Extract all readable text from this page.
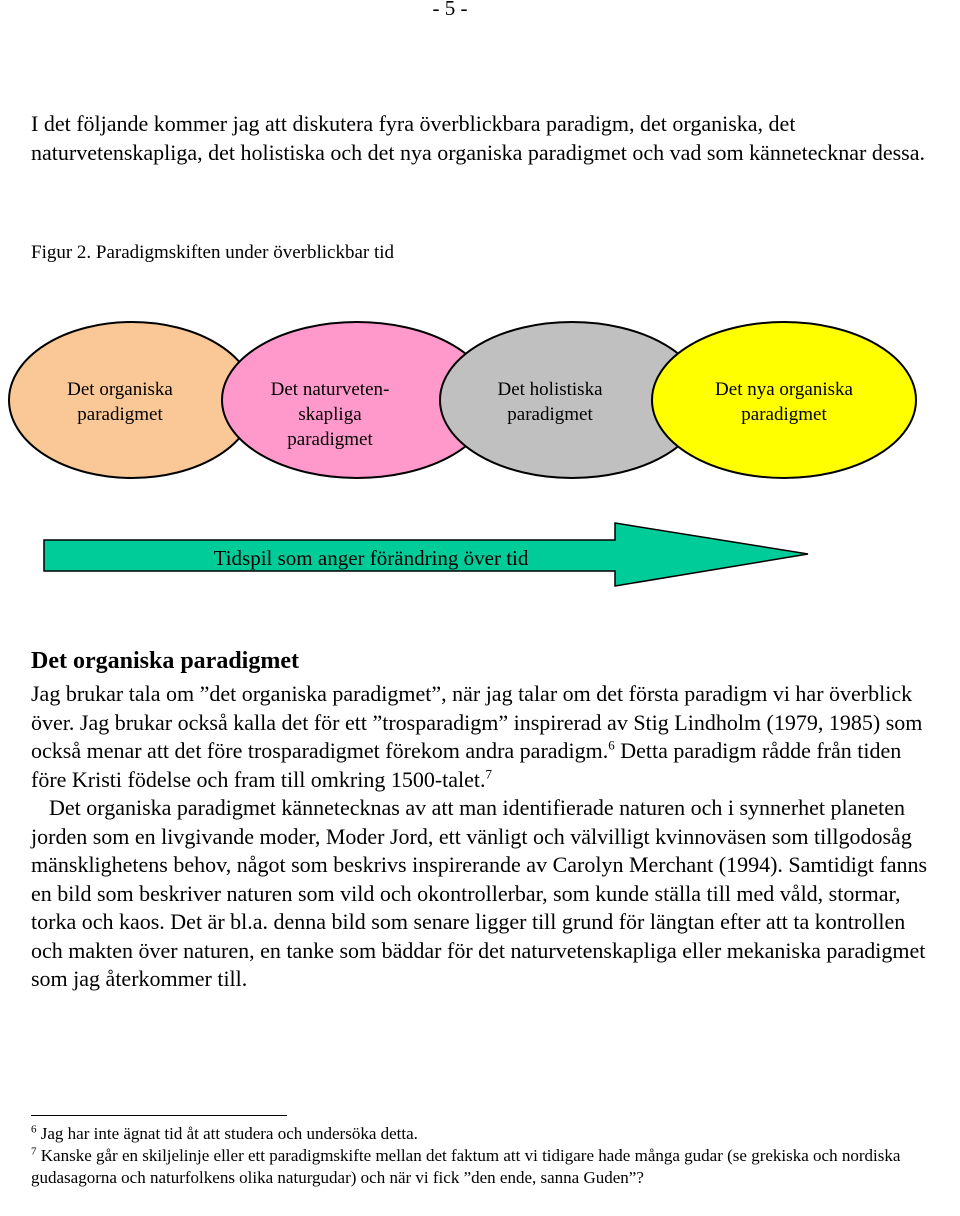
- 5 -

I det följande kommer jag att diskutera fyra överblickbara paradigm, det organiska, det naturvetenskapliga, det holistiska och det nya organiska paradigmet och vad som kännetecknar dessa.

Figur 2. Paradigmskiften under överblickbar tid
Det organiska paradigmet
Det naturveten-skapliga paradigmet
Det holistiska paradigmet
Det nya organiska paradigmet
Tidspil som anger förändring över tid
Det organiska paradigmet

Jag brukar tala om ”det organiska paradigmet”, när jag talar om det första paradigm vi har överblick över. Jag brukar också kalla det för ett ”trosparadigm” inspirerad av Stig Lindholm (1979, 1985) som också menar att det före trosparadigmet förekom andra paradigm.$^6$ Detta paradigm rådde från tiden före Kristi födelse och fram till omkring 1500-talet.$^7$

Det organiska paradigmet kännetecknas av att man identifierade naturen och i synnerhet planeten jorden som en livgivande moder, Moder Jord, ett vänligt och välvilligt kvinnoväsen som tillgodosåg mänsklighetens behov, något som beskrivs inspirerande av Carolyn Merchant (1994). Samtidigt fanns en bild som beskriver naturen som vild och okontrollerbar, som kunde ställa till med våld, stormar, torka och kaos. Det är bl.a. denna bild som senare ligger till grund för längtan efter att ta kontrollen och makten över naturen, en tanke som bäddar för det naturvetenskapliga eller mekaniska paradigmet som jag återkommer till.

$^6$ Jag har inte ägnat tid åt att studera och undersöka detta.

$^7$ Kanske går en skiljelinje eller ett paradigmskifte mellan det faktum att vi tidigare hade många gudar (se grekiska och nordiska gudasagorna och naturfolkens olika naturgudar) och när vi fick ”den ende, sanna Guden”?
